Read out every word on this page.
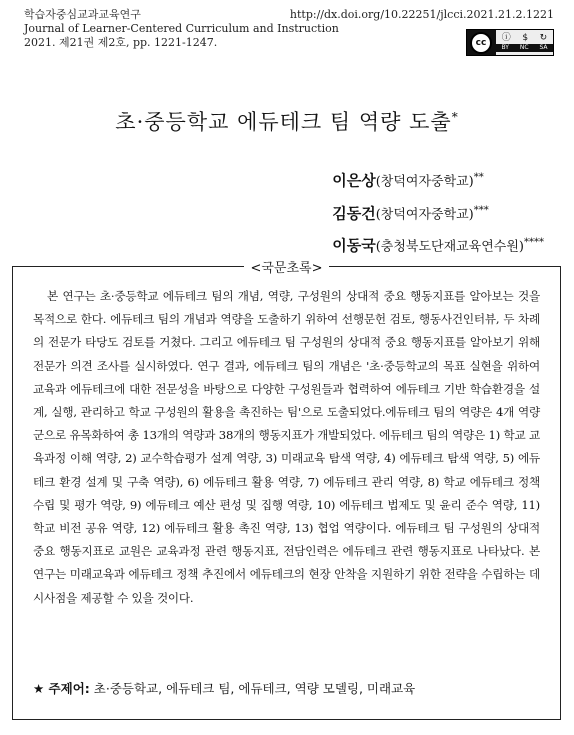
학습자중심교과교육연구
Journal of Learner-Centered Curriculum and Instruction
2021. 제21권 제2호, pp. 1221-1247.
http://dx.doi.org/10.22251/jlcci.2021.21.2.1221
cc	ⓘ $ ↻
BY NC SA
초·중등학교 에듀테크 팀 역량 도출*
이은상(창덕여자중학교)**
김동건(창덕여자중학교)***
이동국(충청북도단재교육연수원)****
<국문초록>
본 연구는 초·중등학교 에듀테크 팀의 개념, 역량, 구성원의 상대적 중요 행동지표를 알아보는 것을 목적으로 한다. 에듀테크 팀의 개념과 역량을 도출하기 위하여 선행문헌 검토, 행동사건인터뷰, 두 차례의 전문가 타당도 검토를 거쳤다. 그리고 에듀테크 팀 구성원의 상대적 중요 행동지표를 알아보기 위해 전문가 의견 조사를 실시하였다. 연구 결과, 에듀테크 팀의 개념은 '초·중등학교의 목표 실현을 위하여 교육과 에듀테크에 대한 전문성을 바탕으로 다양한 구성원들과 협력하여 에듀테크 기반 학습환경을 설계, 실행, 관리하고 학교 구성원의 활용을 촉진하는 팀'으로 도출되었다.에듀테크 팀의 역량은 4개 역량군으로 유목화하여 총 13개의 역량과 38개의 행동지표가 개발되었다. 에듀테크 팀의 역량은 1) 학교 교육과정 이해 역량, 2) 교수학습평가 설계 역량, 3) 미래교육 탐색 역량, 4) 에듀테크 탐색 역량, 5) 에듀테크 환경 설계 및 구축 역량), 6) 에듀테크 활용 역량, 7) 에듀테크 관리 역량, 8) 학교 에듀테크 정책 수립 및 평가 역량, 9) 에듀테크 예산 편성 및 집행 역량, 10) 에듀테크 법제도 및 윤리 준수 역량, 11) 학교 비전 공유 역량, 12) 에듀테크 활용 촉진 역량, 13) 협업 역량이다. 에듀테크 팀 구성원의 상대적 중요 행동지표로 교원은 교육과정 관련 행동지표, 전담인력은 에듀테크 관련 행동지표로 나타났다. 본 연구는 미래교육과 에듀테크 정책 추진에서 에듀테크의 현장 안착을 지원하기 위한 전략을 수립하는 데 시사점을 제공할 수 있을 것이다.
★ 주제어: 초·중등학교, 에듀테크 팀, 에듀테크, 역량 모델링, 미래교육
